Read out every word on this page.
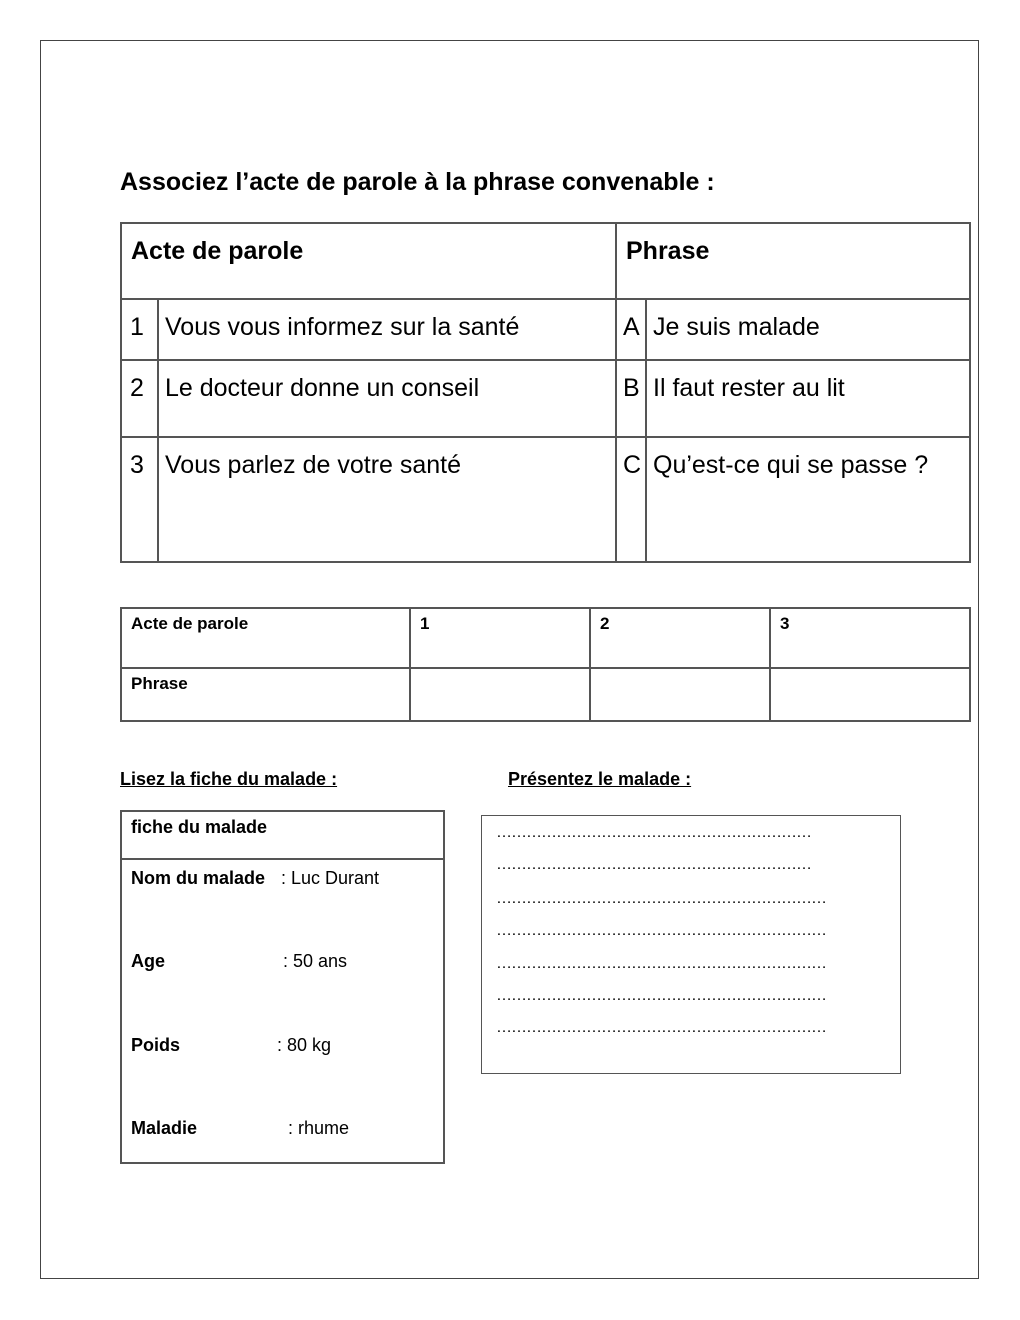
Associez l’acte de parole à la phrase convenable :
Acte de parole		Phrase	
1	Vous vous informez sur la santé	A	Je suis malade
2	Le docteur donne un conseil	B	Il faut rester au lit
3	Vous parlez de votre santé	C	Qu’est-ce qui se passe ?
Acte de parole	1	2	3
Phrase			
Lisez la fiche du malade :	Présentez le malade :
fiche du malade
Nom du malade : Luc Durant
Age	: 50 ans
Poids	: 80 kg
Maladie	: rhume
………………………………………………………
………………………………………………………
…………………………………………………………
…………………………………………………………
…………………………………………………………
…………………………………………………………
…………………………………………………………
